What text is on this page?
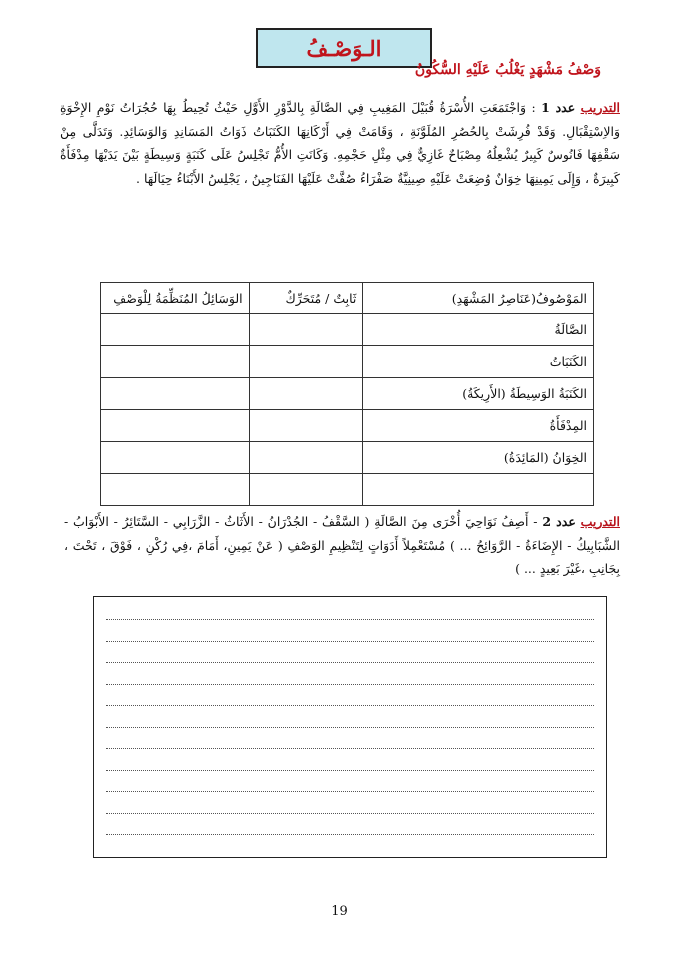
الـوَصْـفُ
وَصْفُ مَشْهَدٍ يَغْلُبُ عَلَيْهِ السُّكُونُ
التدريب عدد 1 : وَاجْتَمَعَتِ الأُسْرَةُ قُبَيْلَ المَغِيبِ فِي الصَّالَةِ بِالدَّوْرِ الأَوَّلِ حَيْثُ تُحِيطُ بِهَا حُجُرَاتُ نَوْمِ الإِخْوَةِ وَالاِسْتِقْبَالِ. وَقَدْ فُرِشَتْ بِالحُصُرِ المُلَوَّنَةِ ، وَقَامَتْ فِي أَرْكَانِهَا الكَنَبَاتُ ذَوَاتُ المَسَانِدِ وَالوَسَائِدِ. وَتَدَلَّى مِنْ سَقْفِهَا فَانُوسٌ كَبِيرٌ يُشْعِلُهُ مِصْبَاحٌ غَازِيٌّ فِي مِثْلِ حَجْمِهِ. وَكَانَتِ الأُمُّ تَجْلِسُ عَلَى كَنَبَةٍ وَسِيطَةٍ بَيْنَ يَدَيْهَا مِدْفَأَةٌ كَبِيرَةٌ ، وَإِلَى يَمِينِهَا خِوَانٌ وُضِعَتْ عَلَيْهِ صِينِيَّةٌ صَفْرَاءُ صُفَّتْ عَلَيْهَا الفَنَاجِينُ ، يَجْلِسُ الأَبْنَاءُ حِيَالَهَا .
المَوْصُوفُ(عَنَاصِرُ المَشْهَدِ)	ثَابِتٌ / مُتَحَرِّكٌ	الوَسَائِلُ المُنَظِّمَةُ لِلْوَصْفِ
الصَّالَةُ		
الكَنَبَاتُ		
الكَنَبَةُ الوَسِيطَةُ (الأَرِيكَةُ)		
المِدْفَأَةُ		
الخِوَانُ (المَائِدَةُ)		

التدريب عدد 2 - أَصِفُ نَوَاحِيَ أُخْرَى مِنَ الصَّالَةِ ( السَّقْفُ - الجُدْرَانُ - الأَثَاثُ - الزَّرَابِي - السَّتَائِرُ - الأَبْوَابُ - الشَّبَابِيكُ - الإِضَاءَةُ - الرَّوَائِحُ ... ) مُسْتَعْمِلاً أَدَوَاتٍ لِتَنْظِيمِ الوَصْفِ ( عَنْ يَمِينِ، أَمَامَ ،فِي رُكْنِ ، فَوْقَ ، تَحْتَ ، بِجَانِبِ ،غَيْرَ بَعِيدٍ ... )
19
